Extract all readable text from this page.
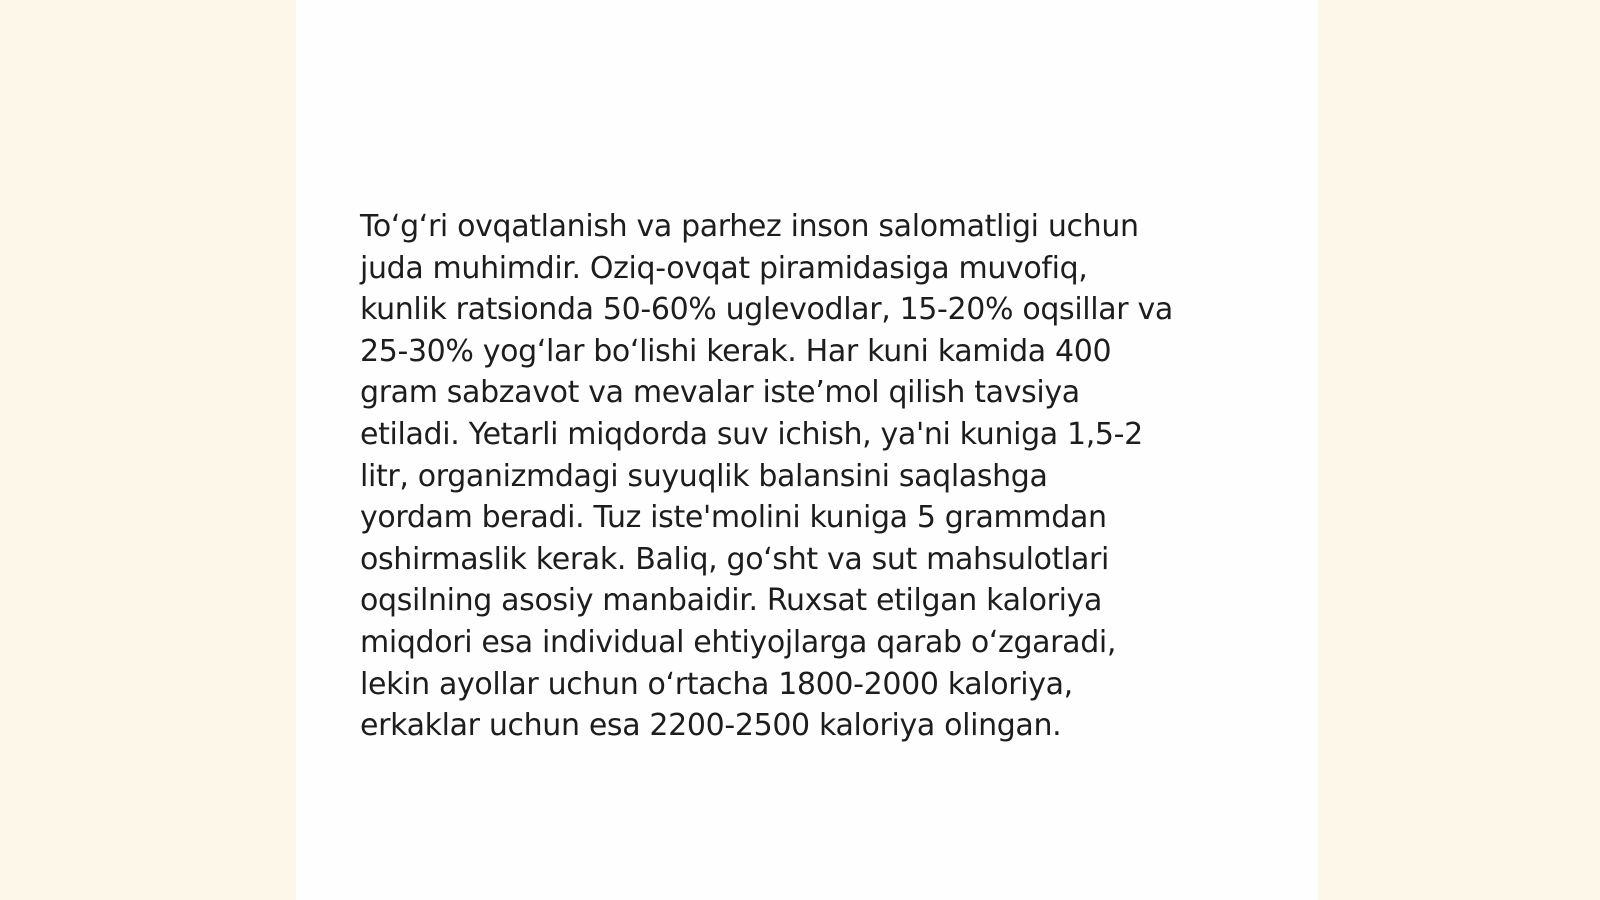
To‘g‘ri ovqatlanish va parhez inson salomatligi uchun
juda muhimdir. Oziq-ovqat piramidasiga muvofiq,
kunlik ratsionda 50-60% uglevodlar, 15-20% oqsillar va
25-30% yog‘lar bo‘lishi kerak. Har kuni kamida 400
gram sabzavot va mevalar iste’mol qilish tavsiya
etiladi. Yetarli miqdorda suv ichish, ya'ni kuniga 1,5-2
litr, organizmdagi suyuqlik balansini saqlashga
yordam beradi. Tuz iste'molini kuniga 5 grammdan
oshirmaslik kerak. Baliq, go‘sht va sut mahsulotlari
oqsilning asosiy manbaidir. Ruxsat etilgan kaloriya
miqdori esa individual ehtiyojlarga qarab o‘zgaradi,
lekin ayollar uchun o‘rtacha 1800-2000 kaloriya,
erkaklar uchun esa 2200-2500 kaloriya olingan.
